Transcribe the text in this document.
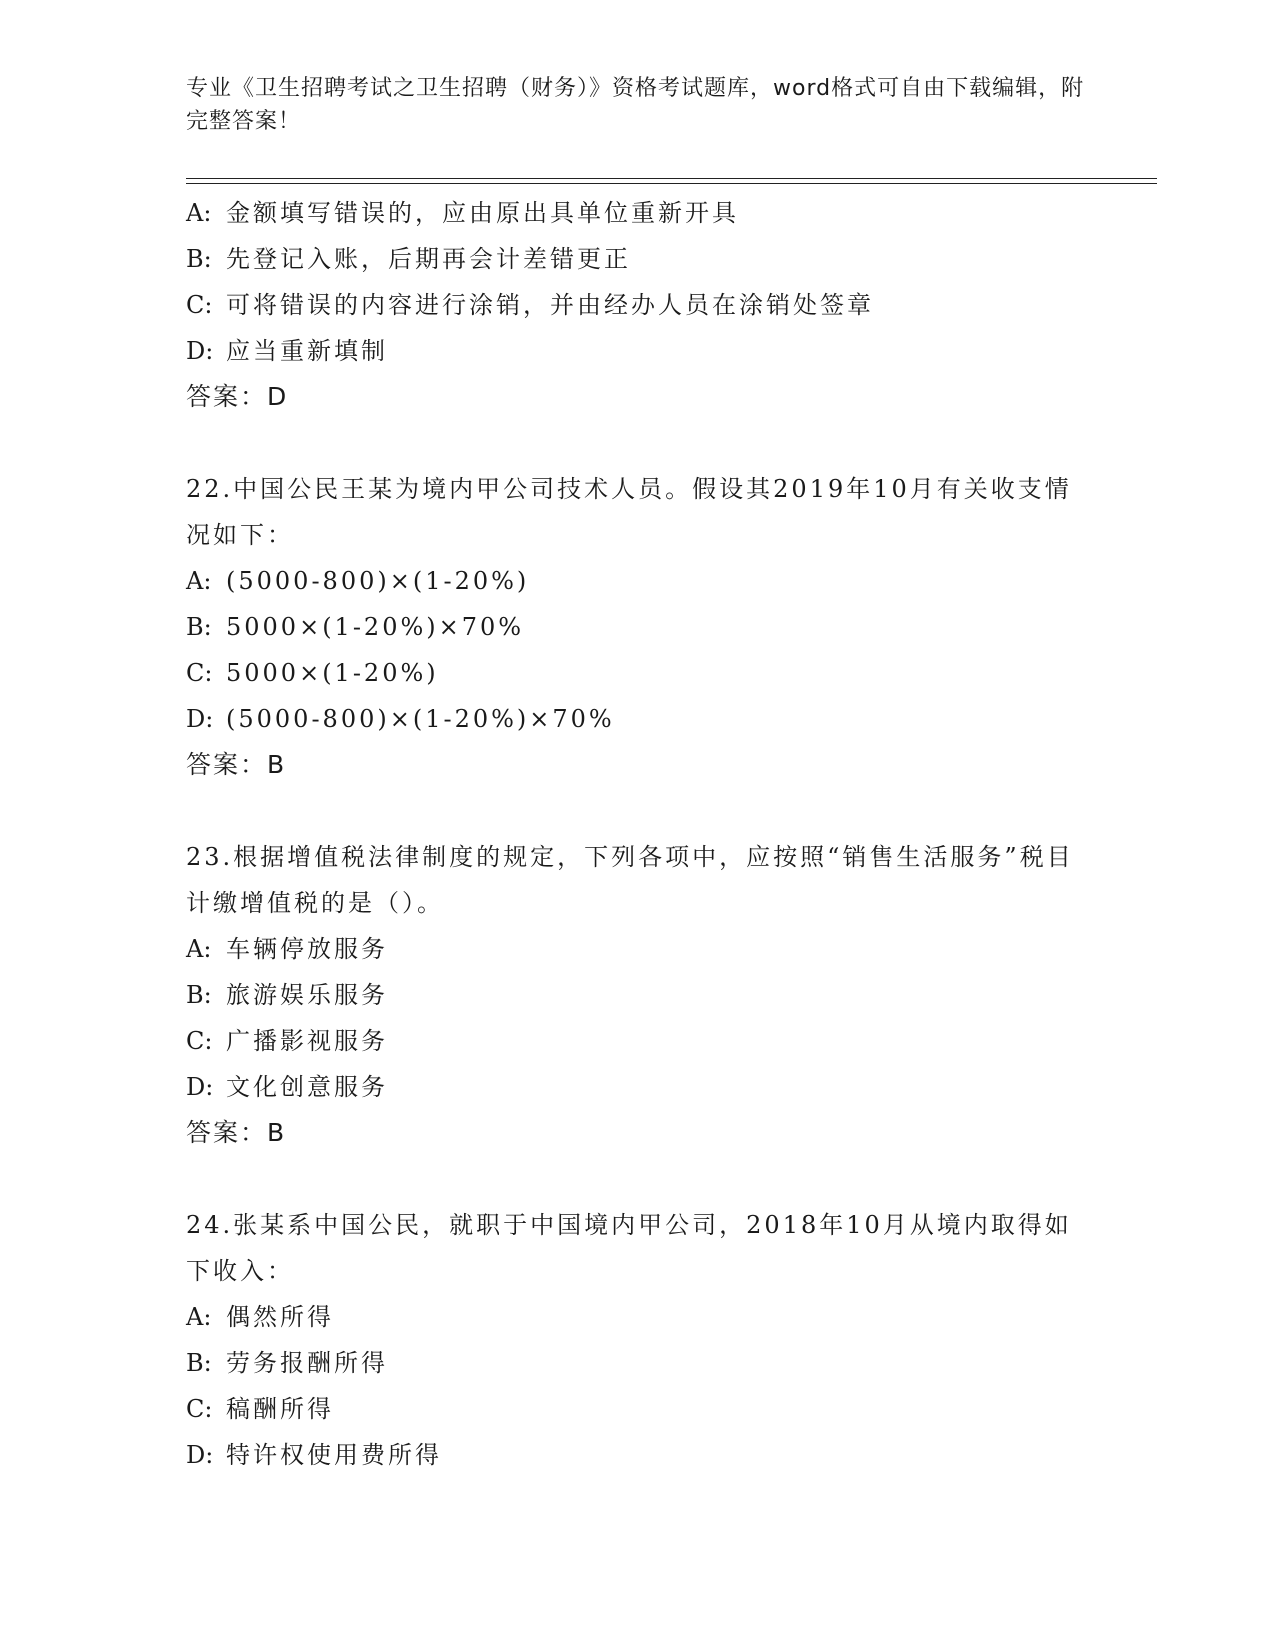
专业《卫生招聘考试之卫生招聘（财务）》资格考试题库，word格式可自由下载编辑，附完整答案！
A: 金额填写错误的，应由原出具单位重新开具
B: 先登记入账，后期再会计差错更正
C: 可将错误的内容进行涂销，并由经办人员在涂销处签章
D: 应当重新填制
答案：D
22.中国公民王某为境内甲公司技术人员。假设其2019年10月有关收支情况如下：
A: (5000-800)×(1-20%)
B: 5000×(1-20%)×70%
C: 5000×(1-20%)
D: (5000-800)×(1-20%)×70%
答案：B
23.根据增值税法律制度的规定，下列各项中，应按照“销售生活服务”税目计缴增值税的是（）。
A: 车辆停放服务
B: 旅游娱乐服务
C: 广播影视服务
D: 文化创意服务
答案：B
24.张某系中国公民，就职于中国境内甲公司，2018年10月从境内取得如下收入：
A: 偶然所得
B: 劳务报酬所得
C: 稿酬所得
D: 特许权使用费所得
